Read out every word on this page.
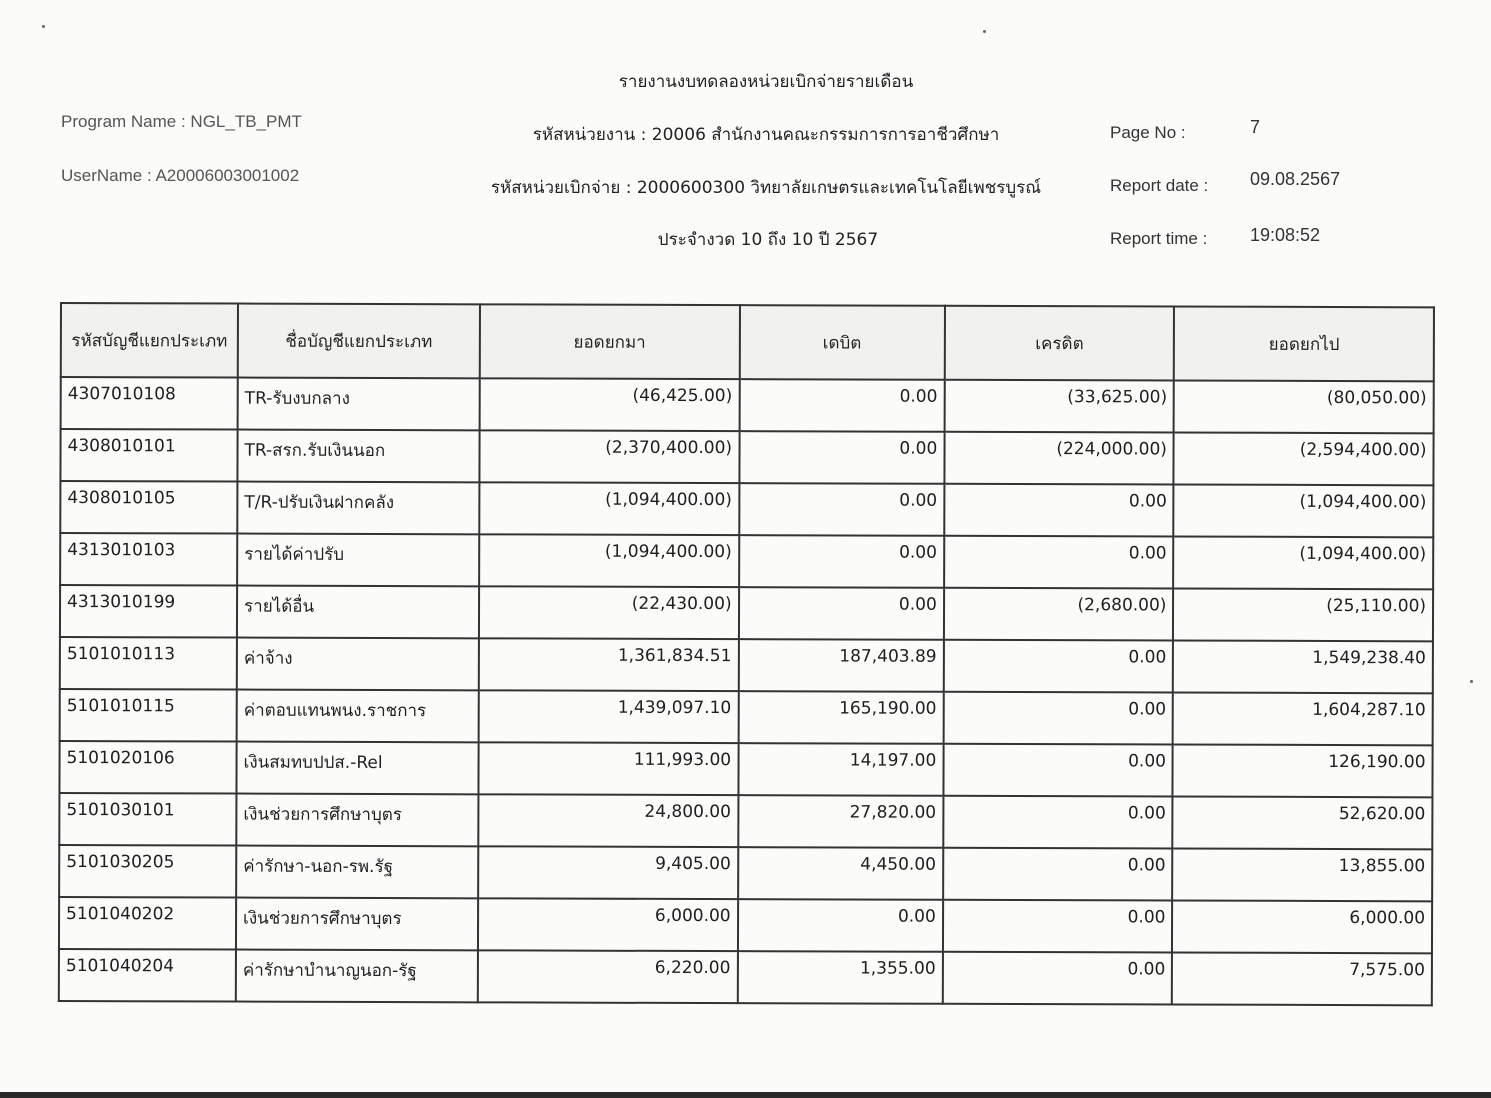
รายงานงบทดลองหน่วยเบิกจ่ายรายเดือน
Program Name : NGL_TB_PMT
UserName : A20006003001002
รหัสหน่วยงาน : 20006 สำนักงานคณะกรรมการการอาชีวศึกษา
รหัสหน่วยเบิกจ่าย : 2000600300 วิทยาลัยเกษตรและเทคโนโลยีเพชรบูรณ์
ประจำงวด 10 ถึง 10 ปี 2567
Page No :	7
Report date : 09.08.2567
Report time : 19:08:52
รหัสบัญชีแยกประเภท	ชื่อบัญชีแยกประเภท	ยอดยกมา	เดบิต	เครดิต	ยอดยกไป
4307010108	TR-รับงบกลาง	(46,425.00)	0.00	(33,625.00)	(80,050.00)
4308010101	TR-สรก.รับเงินนอก	(2,370,400.00)	0.00	(224,000.00)	(2,594,400.00)
4308010105	T/R-ปรับเงินฝากคลัง	(1,094,400.00)	0.00	0.00	(1,094,400.00)
4313010103	รายได้ค่าปรับ	(1,094,400.00)	0.00	0.00	(1,094,400.00)
4313010199	รายได้อื่น	(22,430.00)	0.00	(2,680.00)	(25,110.00)
5101010113	ค่าจ้าง	1,361,834.51	187,403.89	0.00	1,549,238.40
5101010115	ค่าตอบแทนพนง.ราชการ	1,439,097.10	165,190.00	0.00	1,604,287.10
5101020106	เงินสมทบปปส.-Rel	111,993.00	14,197.00	0.00	126,190.00
5101030101	เงินช่วยการศึกษาบุตร	24,800.00	27,820.00	0.00	52,620.00
5101030205	ค่ารักษา-นอก-รพ.รัฐ	9,405.00	4,450.00	0.00	13,855.00
5101040202	เงินช่วยการศึกษาบุตร	6,000.00	0.00	0.00	6,000.00
5101040204	ค่ารักษาบำนาญนอก-รัฐ	6,220.00	1,355.00	0.00	7,575.00
